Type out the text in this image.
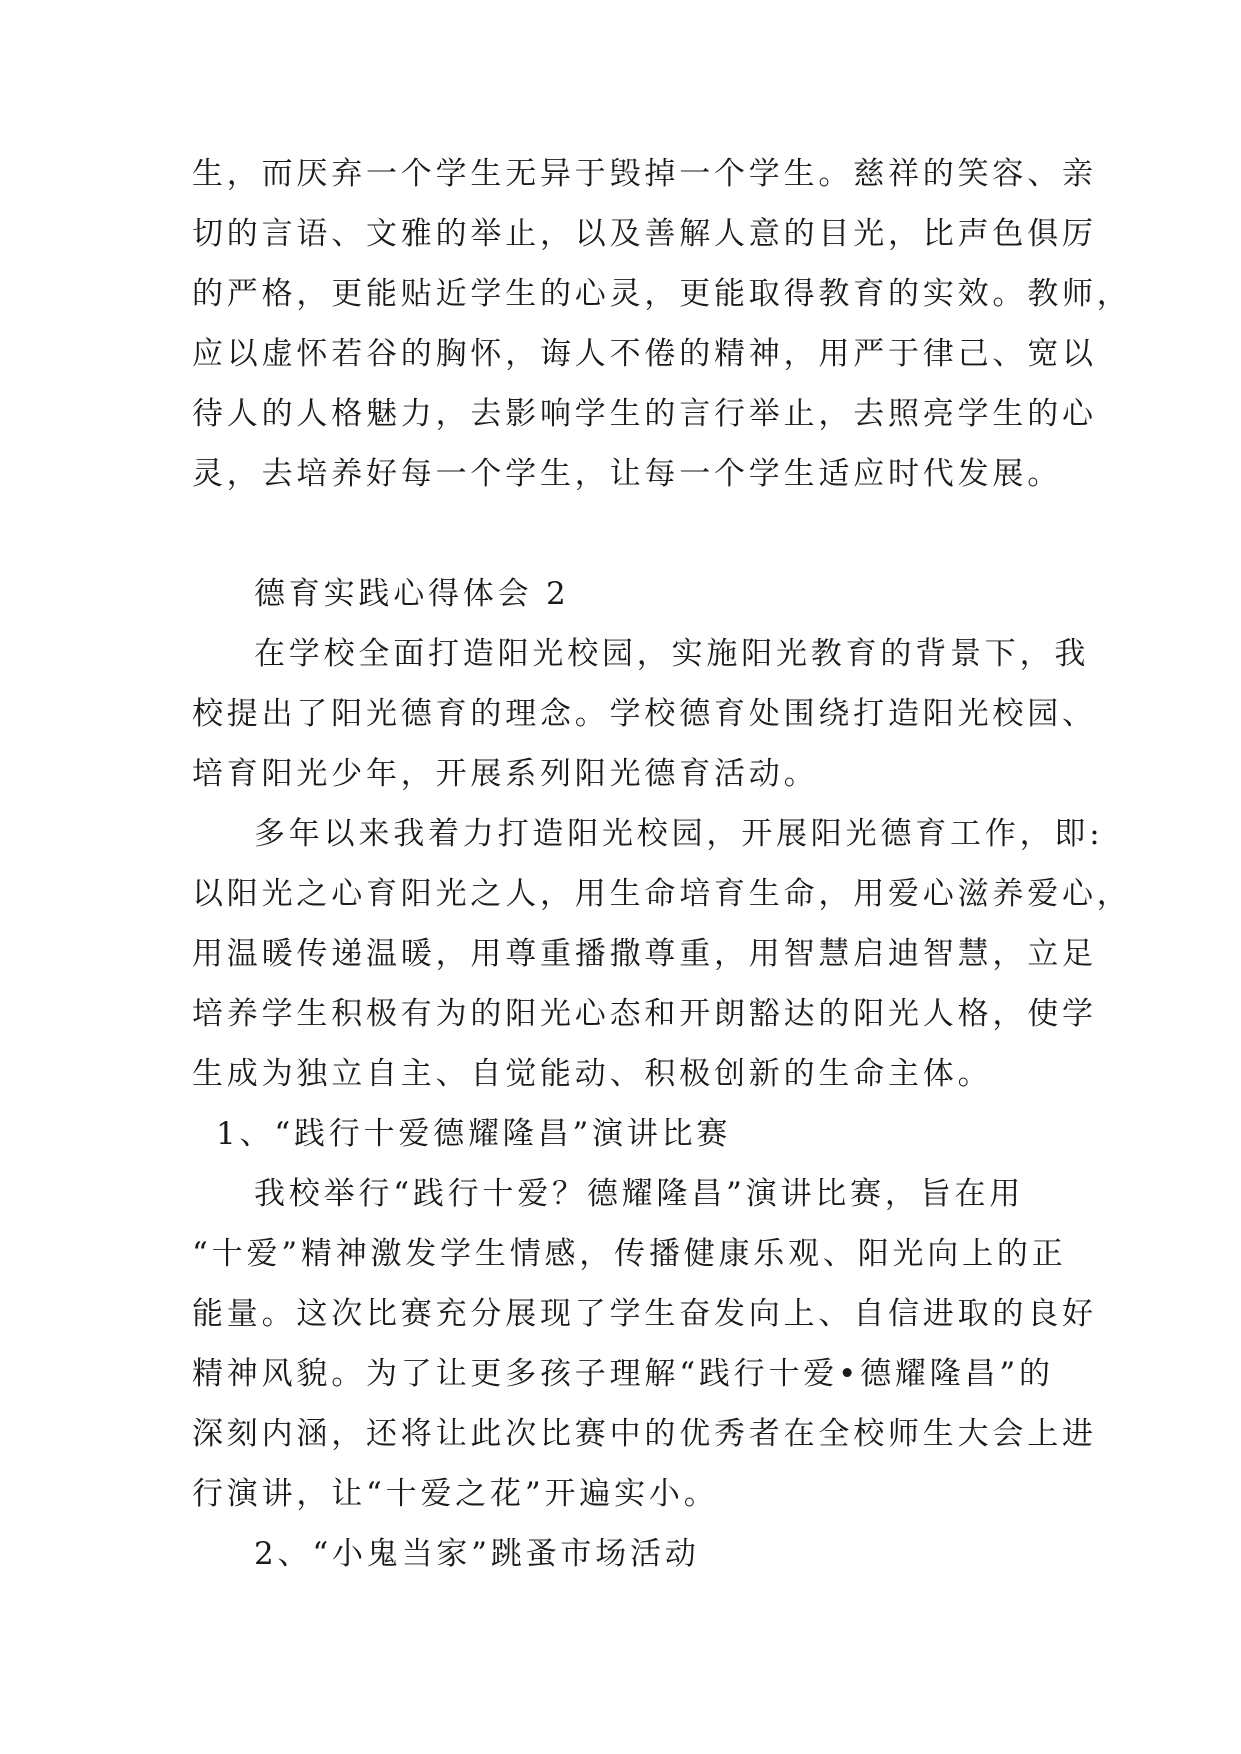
生，而厌弃一个学生无异于毁掉一个学生。慈祥的笑容、亲
切的言语、文雅的举止，以及善解人意的目光，比声色俱厉
的严格，更能贴近学生的心灵，更能取得教育的实效。教师，
应以虚怀若谷的胸怀，诲人不倦的精神，用严于律己、宽以
待人的人格魅力，去影响学生的言行举止，去照亮学生的心
灵，去培养好每一个学生，让每一个学生适应时代发展。
德育实践心得体会 2
在学校全面打造阳光校园，实施阳光教育的背景下，我
校提出了阳光德育的理念。学校德育处围绕打造阳光校园、
培育阳光少年，开展系列阳光德育活动。
多年以来我着力打造阳光校园，开展阳光德育工作，即:
以阳光之心育阳光之人，用生命培育生命，用爱心滋养爱心，
用温暖传递温暖，用尊重播撒尊重，用智慧启迪智慧，立足
培养学生积极有为的阳光心态和开朗豁达的阳光人格，使学
生成为独立自主、自觉能动、积极创新的生命主体。
1、“践行十爱德耀隆昌”演讲比赛
我校举行“践行十爱？德耀隆昌”演讲比赛，旨在用
“十爱”精神激发学生情感，传播健康乐观、阳光向上的正
能量。这次比赛充分展现了学生奋发向上、自信进取的良好
精神风貌。为了让更多孩子理解“践行十爱•德耀隆昌”的
深刻内涵，还将让此次比赛中的优秀者在全校师生大会上进
行演讲，让“十爱之花”开遍实小。
2、“小鬼当家”跳蚤市场活动
